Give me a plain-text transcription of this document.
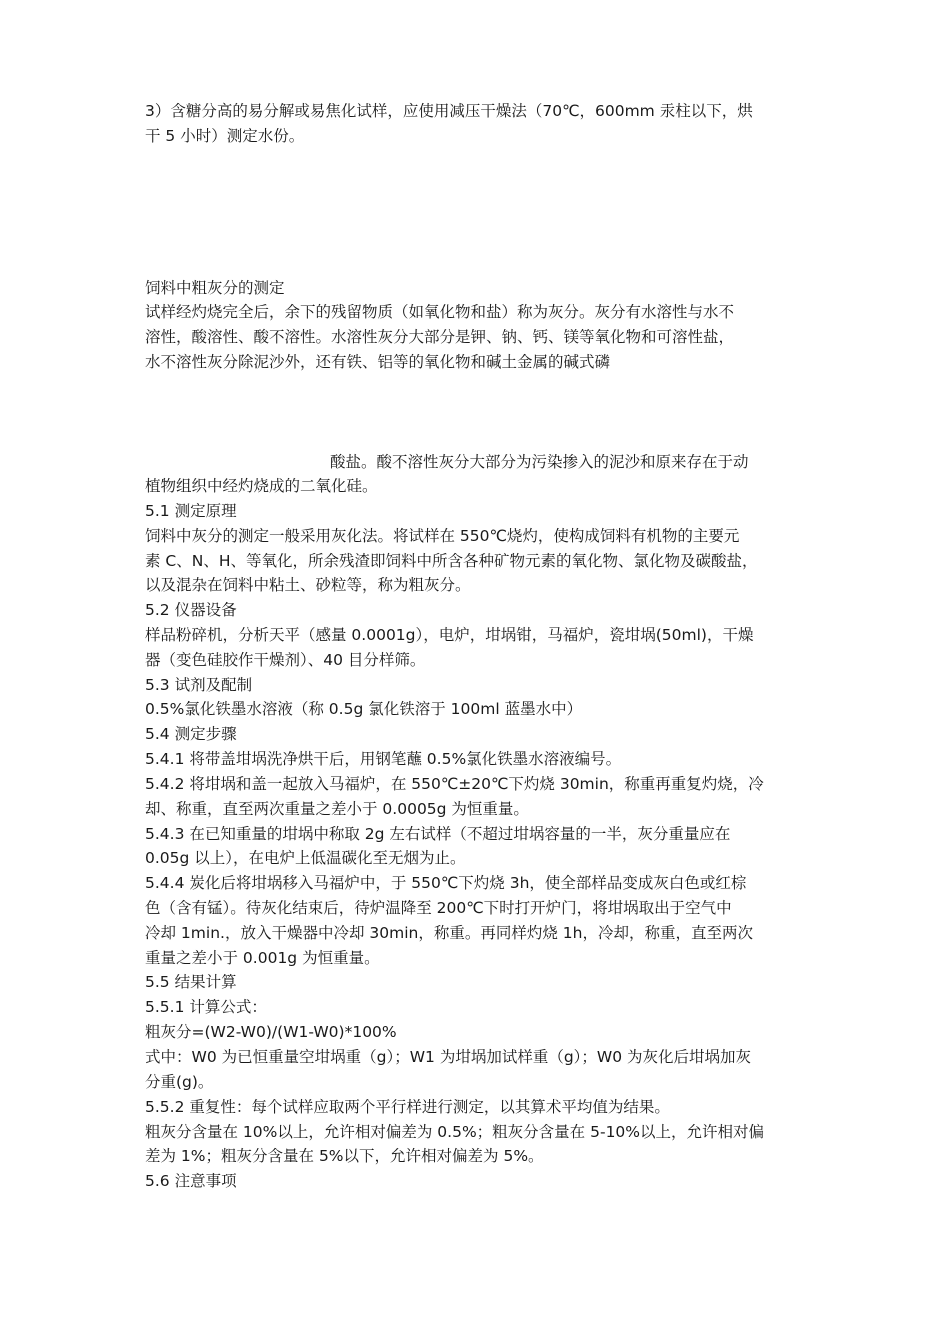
3）含糖分高的易分解或易焦化试样，应使用减压干燥法（70℃，600mm 汞柱以下，烘
干 5 小时）测定水份。
饲料中粗灰分的测定
试样经灼烧完全后，余下的残留物质（如氧化物和盐）称为灰分。灰分有水溶性与水不
溶性，酸溶性、酸不溶性。水溶性灰分大部分是钾、钠、钙、镁等氧化物和可溶性盐，
水不溶性灰分除泥沙外，还有铁、铝等的氧化物和碱土金属的碱式磷
酸盐。酸不溶性灰分大部分为污染掺入的泥沙和原来存在于动
植物组织中经灼烧成的二氧化硅。
5.1 测定原理
饲料中灰分的测定一般采用灰化法。将试样在 550℃烧灼，使构成饲料有机物的主要元
素 C、N、H、等氧化，所余残渣即饲料中所含各种矿物元素的氧化物、氯化物及碳酸盐，
以及混杂在饲料中粘土、砂粒等，称为粗灰分。
5.2 仪器设备
样品粉碎机，分析天平（感量 0.0001g），电炉，坩埚钳，马福炉，瓷坩埚(50ml)，干燥
器（变色硅胶作干燥剂）、40 目分样筛。
5.3 试剂及配制
0.5%氯化铁墨水溶液（称 0.5g 氯化铁溶于 100ml 蓝墨水中）
5.4 测定步骤
5.4.1 将带盖坩埚洗净烘干后，用钢笔蘸 0.5%氯化铁墨水溶液编号。
5.4.2 将坩埚和盖一起放入马福炉，在 550℃±20℃下灼烧 30min，称重再重复灼烧，冷
却、称重，直至两次重量之差小于 0.0005g 为恒重量。
5.4.3 在已知重量的坩埚中称取 2g 左右试样（不超过坩埚容量的一半，灰分重量应在
0.05g 以上），在电炉上低温碳化至无烟为止。
5.4.4 炭化后将坩埚移入马福炉中，于 550℃下灼烧 3h，使全部样品变成灰白色或红棕
色（含有锰）。待灰化结束后，待炉温降至 200℃下时打开炉门，将坩埚取出于空气中
冷却 1min.，放入干燥器中冷却 30min，称重。再同样灼烧 1h，冷却，称重，直至两次
重量之差小于 0.001g 为恒重量。
5.5 结果计算
5.5.1 计算公式：
粗灰分=(W2-W0)/(W1-W0)*100%
式中：W0 为已恒重量空坩埚重（g）；W1 为坩埚加试样重（g）；W0 为灰化后坩埚加灰
分重(g)。
5.5.2 重复性：每个试样应取两个平行样进行测定，以其算术平均值为结果。
粗灰分含量在 10%以上，允许相对偏差为 0.5%；粗灰分含量在 5-10%以上，允许相对偏
差为 1%；粗灰分含量在 5%以下，允许相对偏差为 5%。
5.6 注意事项
